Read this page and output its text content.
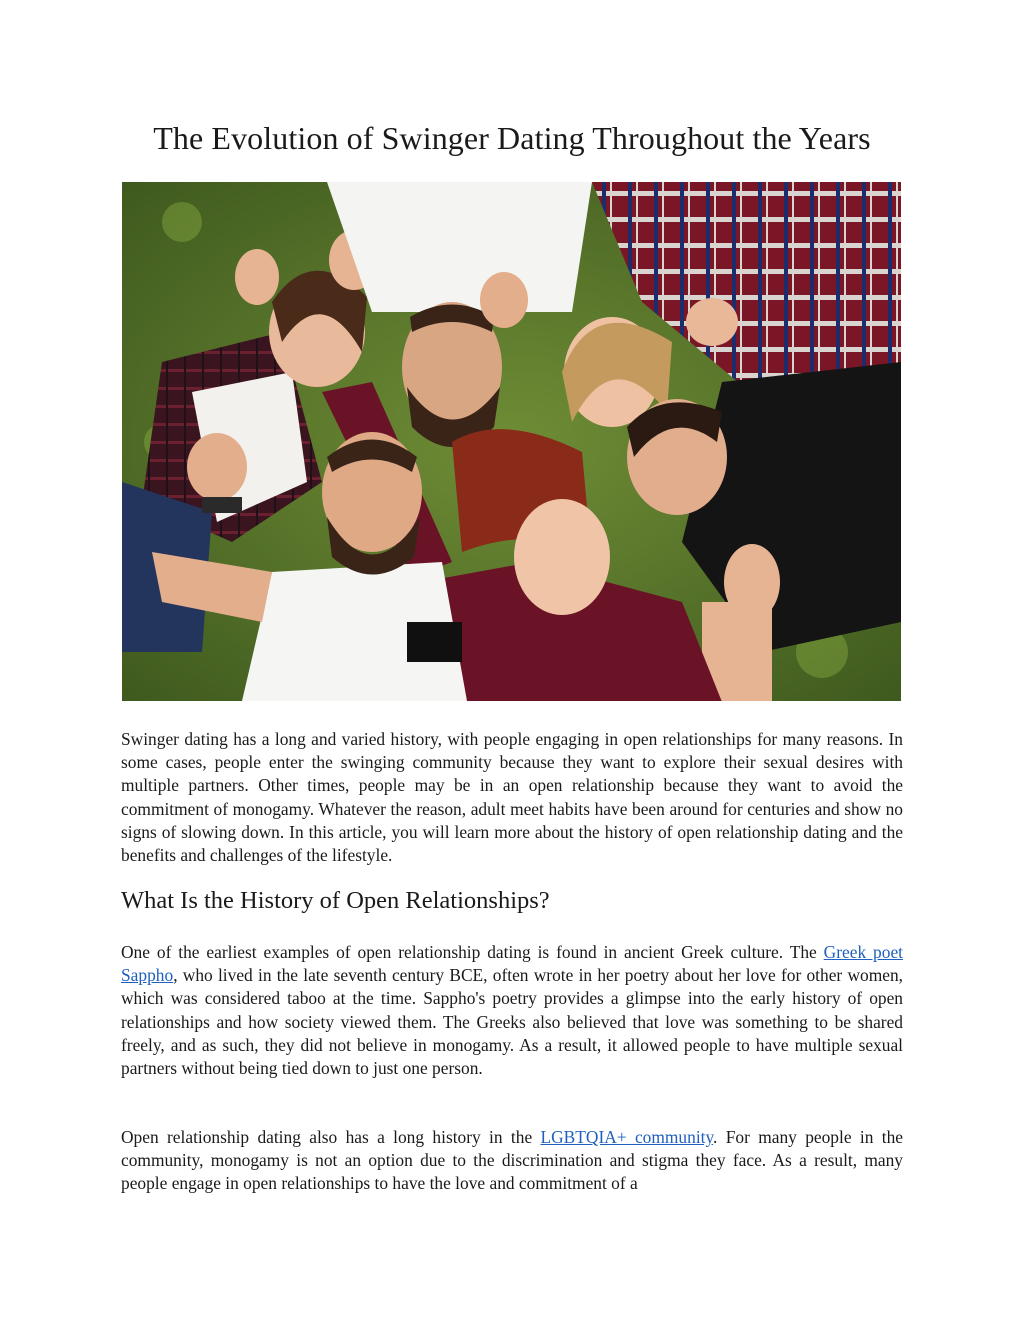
The Evolution of Swinger Dating Throughout the Years

Swinger dating has a long and varied history, with people engaging in open relationships for many reasons. In some cases, people enter the swinging community because they want to explore their sexual desires with multiple partners. Other times, people may be in an open relationship because they want to avoid the commitment of monogamy. Whatever the reason, adult meet habits have been around for centuries and show no signs of slowing down. In this article, you will learn more about the history of open relationship dating and the benefits and challenges of the lifestyle.

What Is the History of Open Relationships?

One of the earliest examples of open relationship dating is found in ancient Greek culture. The Greek poet Sappho, who lived in the late seventh century BCE, often wrote in her poetry about her love for other women, which was considered taboo at the time. Sappho's poetry provides a glimpse into the early history of open relationships and how society viewed them. The Greeks also believed that love was something to be shared freely, and as such, they did not believe in monogamy. As a result, it allowed people to have multiple sexual partners without being tied down to just one person.

Open relationship dating also has a long history in the LGBTQIA+ community. For many people in the community, monogamy is not an option due to the discrimination and stigma they face. As a result, many people engage in open relationships to have the love and commitment of a
